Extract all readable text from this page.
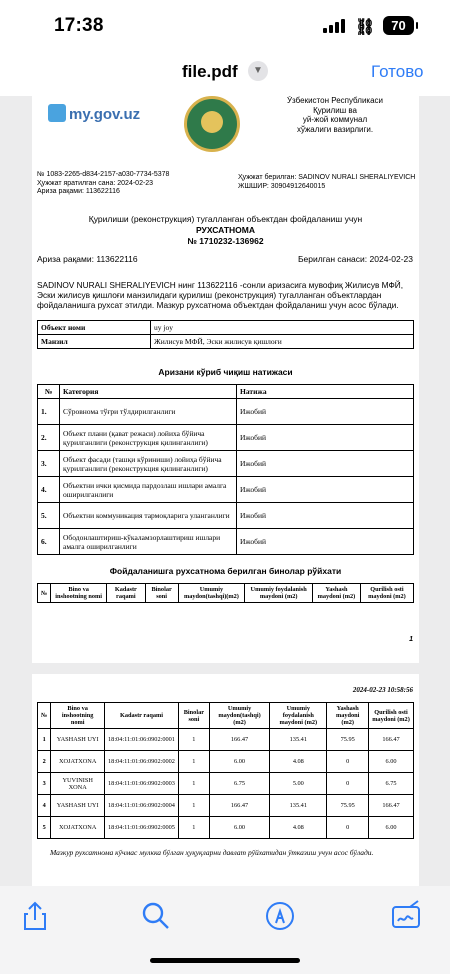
17:38	⛓	70
file.pdf	▼	Готово
my.gov.uz
Ўзбекистон Республикаси
Қурилиш ва
уй-жой коммунал
хўжалиги вазирлиги.
№ 1083-2265-d834-2157-a030-7734-5378
Ҳужжат яратилган сана: 2024-02-23
Ариза рақами: 113622116
Ҳужжат берилган: SADINOV NURALI SHERALIYEVICH
ЖШШИР: 30904912640015
Қурилиши (реконструкция) тугалланган объектдан фойдаланиш учун
РУХСАТНОМА
№ 1710232-136962
Ариза рақами: 113622116	Берилган санаси: 2024-02-23
SADINOV NURALI SHERALIYEVICH нинг 113622116 -сонли аризасига мувофиқ Жилисув МФЙ, Эски жилисув қишлоғи манзилидаги қурилиш (реконструкция) тугалланган объектлардан фойдаланишга рухсат этилди. Мазкур рухсатнома объектдан фойдаланиш учун асос бўлади.
Объект номи	uy joy
Манзил	Жилисув МФЙ, Эски жилисув қишлоғи
Аризани кўриб чиқиш натижаси
№	Категория	Натижа
1.	Сўровнома тўғри тўлдирилганлиги	Ижобий
2.	Объект плани (қават режаси) лойиха бўйича қурилганлиги (реконструкция қилинганлиги)	Ижобий
3.	Объект фасади (ташқи кўриниши) лойиҳа бўйича қурилганлиги (реконструкция қилинганлиги)	Ижобий
4.	Объектни ички қисмида пардозлаш ишлари амалга оширилганлиги	Ижобий
5.	Объектни коммуникация тармоқларига уланганлиги	Ижобий
6.	Ободонлаштириш-кўкаламзорлаштириш ишлари амалга оширилганлиги	Ижобий
Фойдаланишга рухсатнома берилган бинолар рўйхати
№	Bino va inshootning nomi	Kadastr raqami	Binolar soni	Umumiy maydon(tashqi)(m2)	Umumiy foydalanish maydoni (m2)	Yashash maydoni (m2)	Qurilish osti maydoni (m2)
1
2024-02-23 10:58:56
№	Bino va inshootning nomi	Kadastr raqami	Binolar soni	Umumiy maydon(tashqi)(m2)	Umumiy foydalanish maydoni (m2)	Yashash maydoni (m2)	Qurilish osti maydoni (m2)
1	YASHASH UYI	18:04:11:01:06:0902:0001	1	166.47	135.41	75.95	166.47
2	XOJATXONA	18:04:11:01:06:0902:0002	1	6.00	4.08	0	6.00
3	YUVINISH XONA	18:04:11:01:06:0902:0003	1	6.75	5.00	0	6.75
4	YASHASH UYI	18:04:11:01:06:0902:0004	1	166.47	135.41	75.95	166.47
5	XOJATXONA	18:04:11:01:06:0902:0005	1	6.00	4.08	0	6.00
Мазкур рухсатнома кўчмас мулкка бўлган ҳуқуқларни давлат рўйхатидан ўтказиш учун асос бўлади.
